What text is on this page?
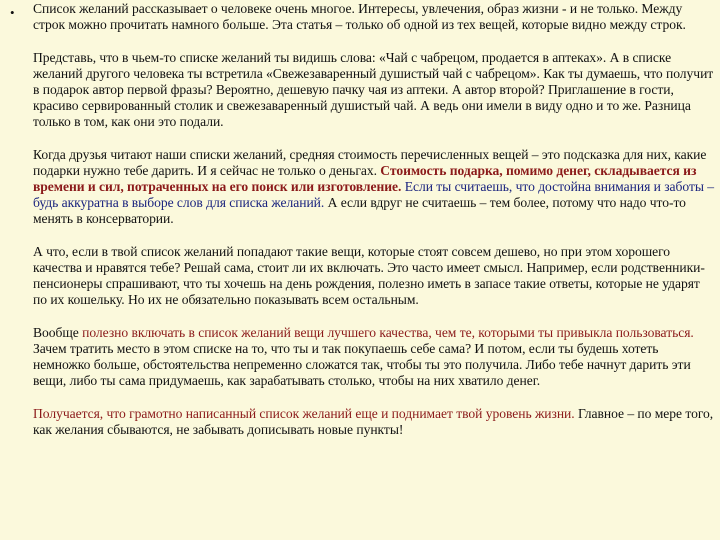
• Список желаний рассказывает о человеке очень многое. Интересы, увлечения, образ жизни - и не только. Между строк можно прочитать намного больше. Эта статья – только об одной из тех вещей, которые видно между строк.

Представь, что в чьем-то списке желаний ты видишь слова: «Чай с чабрецом, продается в аптеках». А в списке желаний другого человека ты встретила «Свежезаваренный душистый чай с чабрецом». Как ты думаешь, что получит в подарок автор первой фразы? Вероятно, дешевую пачку чая из аптеки. А автор второй? Приглашение в гости, красиво сервированный столик и свежезаваренный душистый чай. А ведь они имели в виду одно и то же. Разница только в том, как они это подали.

Когда друзья читают наши списки желаний, средняя стоимость перечисленных вещей – это подсказка для них, какие подарки нужно тебе дарить. И я сейчас не только о деньгах. Стоимость подарка, помимо денег, складывается из времени и сил, потраченных на его поиск или изготовление. Если ты считаешь, что достойна внимания и заботы – будь аккуратна в выборе слов для списка желаний. А если вдруг не считаешь – тем более, потому что надо что-то менять в консерватории.

А что, если в твой список желаний попадают такие вещи, которые стоят совсем дешево, но при этом хорошего качества и нравятся тебе? Решай сама, стоит ли их включать. Это часто имеет смысл. Например, если родственники-пенсионеры спрашивают, что ты хочешь на день рождения, полезно иметь в запасе такие ответы, которые не ударят по их кошельку. Но их не обязательно показывать всем остальным.

Вообще полезно включать в список желаний вещи лучшего качества, чем те, которыми ты привыкла пользоваться. Зачем тратить место в этом списке на то, что ты и так покупаешь себе сама? И потом, если ты будешь хотеть немножко больше, обстоятельства непременно сложатся так, чтобы ты это получила. Либо тебе начнут дарить эти вещи, либо ты сама придумаешь, как зарабатывать столько, чтобы на них хватило денег.

Получается, что грамотно написанный список желаний еще и поднимает твой уровень жизни. Главное – по мере того, как желания сбываются, не забывать дописывать новые пункты!
